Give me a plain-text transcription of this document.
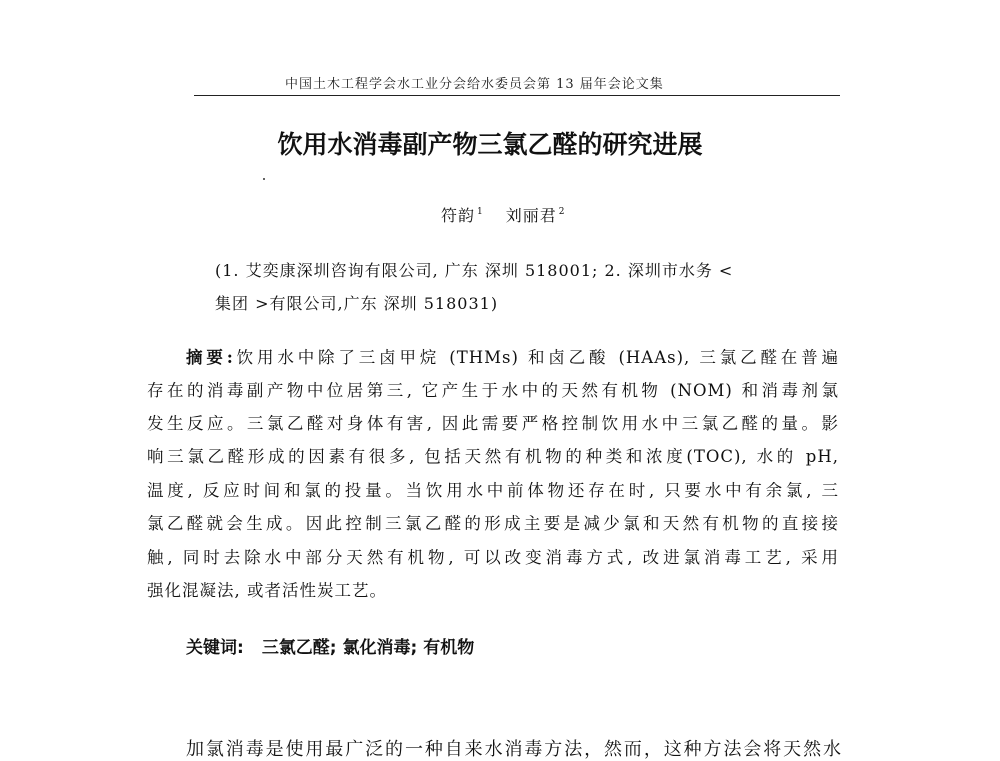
中国土木工程学会水工业分会给水委员会第 13 届年会论文集
饮用水消毒副产物三氯乙醛的研究进展
符韵 $^1$ 刘丽君 $^2$
(1. 艾奕康深圳咨询有限公司, 广东 深圳 518001; 2. 深圳市水务 <
集团 >有限公司,广东 深圳 518031)
摘要:饮用水中除了三卤甲烷 (THMs) 和卤乙酸 (HAAs), 三氯乙醛在普遍
存在的消毒副产物中位居第三, 它产生于水中的天然有机物 (NOM) 和消毒剂氯
发生反应。三氯乙醛对身体有害, 因此需要严格控制饮用水中三氯乙醛的量。影
响三氯乙醛形成的因素有很多, 包括天然有机物的种类和浓度(TOC), 水的 pH,
温度, 反应时间和氯的投量。当饮用水中前体物还存在时, 只要水中有余氯, 三
氯乙醛就会生成。因此控制三氯乙醛的形成主要是减少氯和天然有机物的直接接
触, 同时去除水中部分天然有机物, 可以改变消毒方式, 改进氯消毒工艺, 采用
强化混凝法, 或者活性炭工艺。
关键词: 三氯乙醛; 氯化消毒; 有机物
加氯消毒是使用最广泛的一种自来水消毒方法，然而，这种方法会将天然水
